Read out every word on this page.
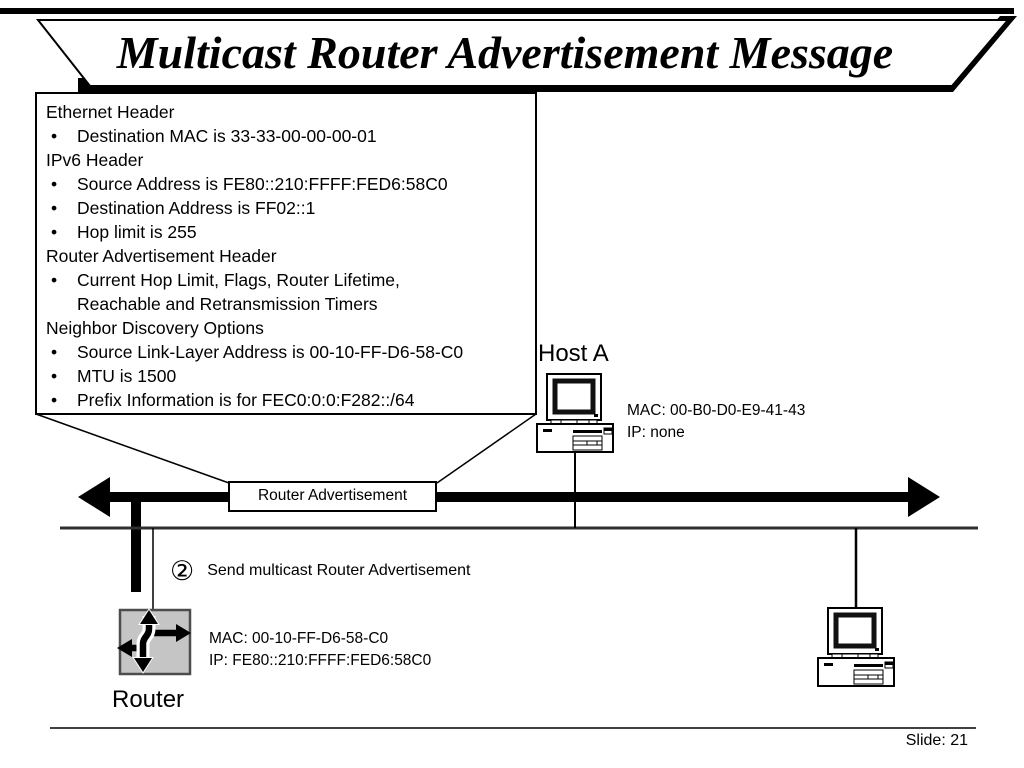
Multicast Router Advertisement Message
Ethernet Header
• Destination MAC is 33-33-00-00-00-01
IPv6 Header
• Source Address is FE80::210:FFFF:FED6:58C0
• Destination Address is FF02::1
• Hop limit is 255
Router Advertisement Header
• Current Hop Limit, Flags, Router Lifetime,
Reachable and Retransmission Timers
Neighbor Discovery Options
• Source Link-Layer Address is 00-10-FF-D6-58-C0
• MTU is 1500
• Prefix Information is for FEC0:0:0:F282::/64
Host A
MAC: 00-B0-D0-E9-41-43
IP: none
Router Advertisement
② Send multicast Router Advertisement
MAC: 00-10-FF-D6-58-C0
IP: FE80::210:FFFF:FED6:58C0
Router
Slide: 21
